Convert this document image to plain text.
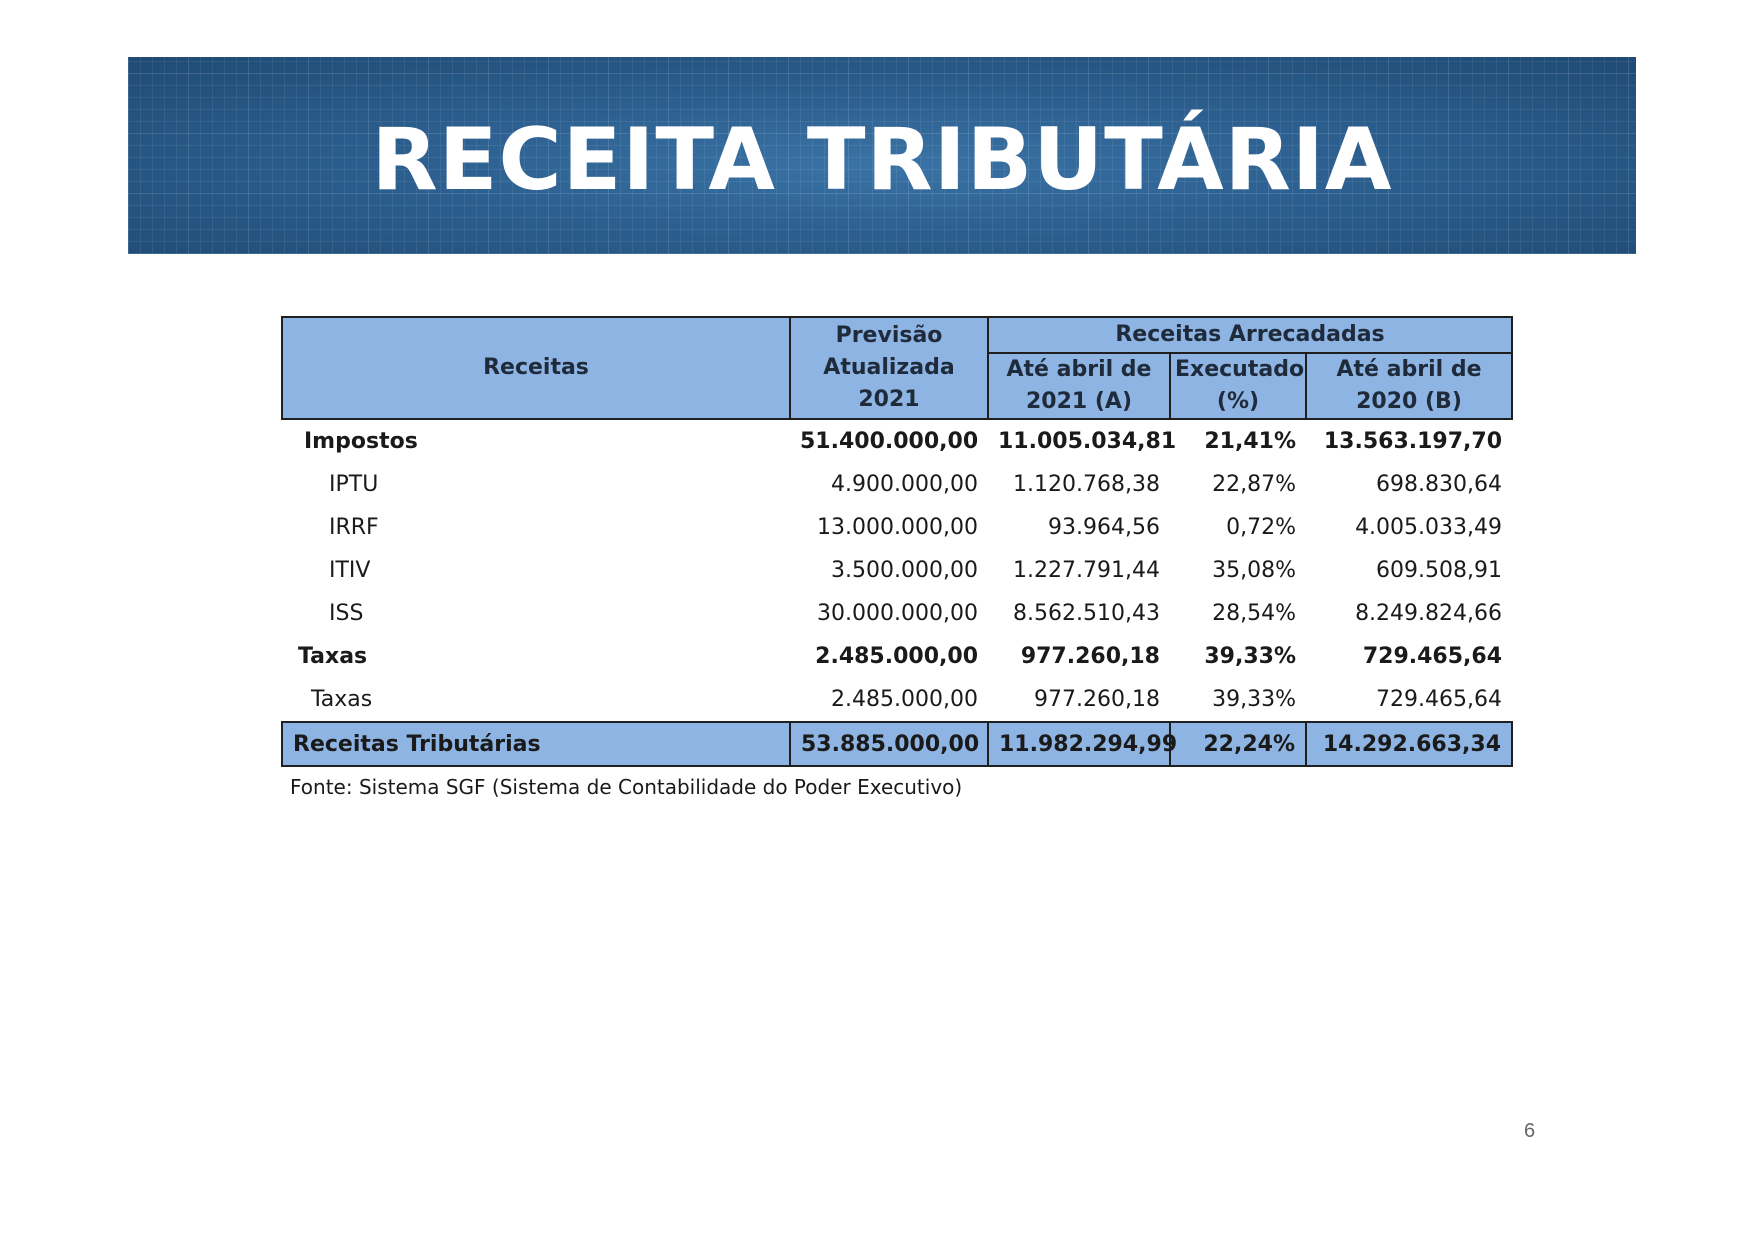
RECEITA TRIBUTÁRIA
Receitas	Previsão Atualizada 2021	Receitas Arrecadadas		
		Até abril de 2021 (A)	Executado (%)	Até abril de 2020 (B)
Impostos	51.400.000,00	11.005.034,81	21,41%	13.563.197,70
IPTU	4.900.000,00	1.120.768,38	22,87%	698.830,64
IRRF	13.000.000,00	93.964,56	0,72%	4.005.033,49
ITIV	3.500.000,00	1.227.791,44	35,08%	609.508,91
ISS	30.000.000,00	8.562.510,43	28,54%	8.249.824,66
Taxas	2.485.000,00	977.260,18	39,33%	729.465,64
Taxas	2.485.000,00	977.260,18	39,33%	729.465,64
Receitas Tributárias	53.885.000,00	11.982.294,99	22,24%	14.292.663,34
Fonte: Sistema SGF (Sistema de Contabilidade do Poder Executivo)
6
